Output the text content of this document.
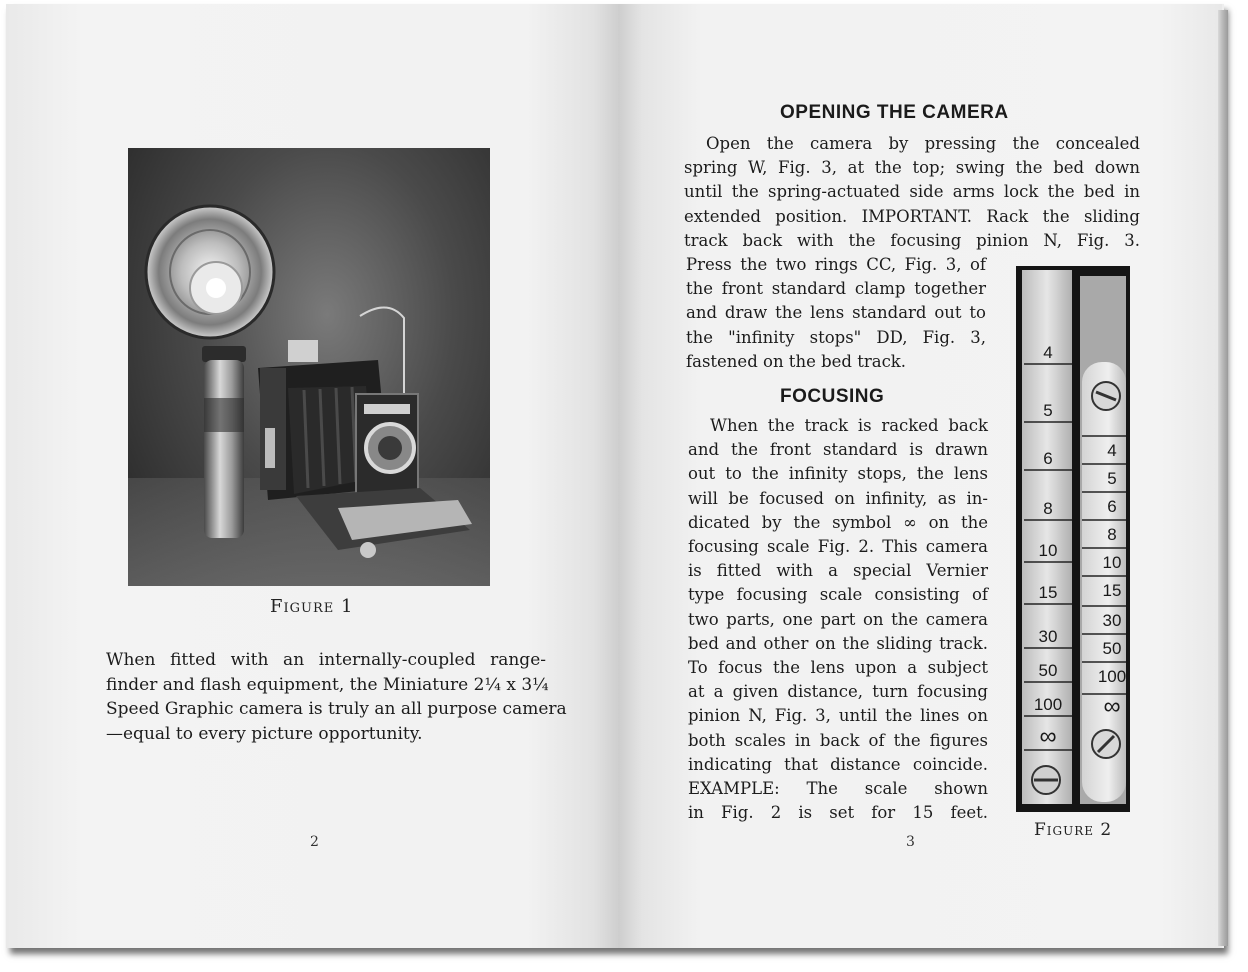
Figure 1
When fitted with an internally-coupled range-
finder and flash equipment, the Miniature 2¼ x 3¼
Speed Graphic camera is truly an all purpose camera
—equal to every picture opportunity.
2
OPENING THE CAMERA
Open the camera by pressing the concealed
spring W, Fig. 3, at the top; swing the bed down
until the spring-actuated side arms lock the bed in
extended position. IMPORTANT. Rack the sliding
track back with the focusing pinion N, Fig. 3.
Press the two rings CC, Fig. 3, of
the front standard clamp together
and draw the lens standard out to
the "infinity stops" DD, Fig. 3,
fastened on the bed track.
FOCUSING
When the track is racked back
and the front standard is drawn
out to the infinity stops, the lens
will be focused on infinity, as in-
dicated by the symbol ∞ on the
focusing scale Fig. 2. This camera
is fitted with a special Vernier
type focusing scale consisting of
two parts, one part on the camera
bed and other on the sliding track.
To focus the lens upon a subject
at a given distance, turn focusing
pinion N, Fig. 3, until the lines on
both scales in back of the figures
indicating that distance coincide.
EXAMPLE: The scale shown
in Fig. 2 is set for 15 feet.
4
5
6
8
10
15
30
50
100
∞
4
5
6
8
10
15
30
50
100
∞
Figure 2
3
